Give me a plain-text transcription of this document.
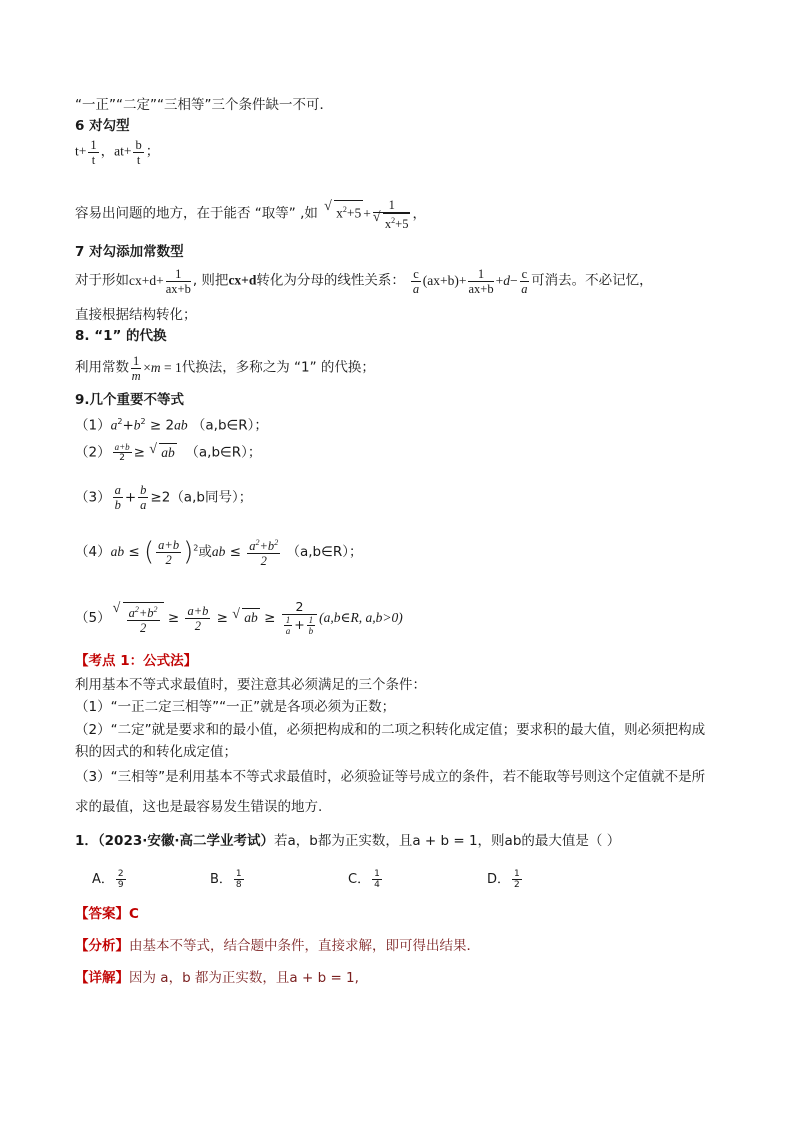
“一正”“二定”“三相等”三个条件缺一不可．
6 对勾型
$t+ \frac{1}{t}$ ，$at+ \frac{b}{t}$ ；
容易出问题的地方，在于能否 “取等” ,如 √ $x^2+5 + 1$
√ $x^2+5$ ，
7 对勾添加常数型
对于形如$cx+d+ \frac{1}{ax+b}$ , 则把cx+d转化为分母的线性关系： $\frac{c}{a} (ax+b)+ \frac{1}{ax+b} +d- \frac{c}{a}$ 可消去。不必记忆，
直接根据结构转化；
8. “1” 的代换
利用常数 $\frac{1}{m} \times m = 1$代换法，多称之为 “1” 的代换；
9.几个重要不等式
$(1)a^2+b^2 \ge 2ab$ （a,b∈R）；
$(2) \frac{a+b}{2}$ ≥ √ ab （a,b∈R）；
$(3) \frac{a}{b} + \frac{b}{a} \ge 2(a,b$同号）；
（4）ab ≤ ( $\frac{a+b}{2} )^2$或ab ≤ $\frac{a^2+b^2}{2}$ （a,b∈R）；
（5） √ $\frac{a^2+b^2}{2} \ge \frac{a+b}{2}$ ≥ √ ab ≥ $\frac{2}{\frac{1}{a} + \frac{1}{b}}$ (a,b∈R, a,b>0)
【考点 1：公式法】
利用基本不等式求最值时，要注意其必须满足的三个条件：
（1）“一正二定三相等”“一正”就是各项必须为正数；
（2）“二定”就是要求和的最小值，必须把构成和的二项之积转化成定值；要求积的最大值，则必须把构成
积的因式的和转化成定值；
（3）“三相等”是利用基本不等式求最值时，必须验证等号成立的条件，若不能取等号则这个定值就不是所
求的最值，这也是最容易发生错误的地方.
1．（2023·安徽·高二学业考试）若a，b都为正实数，且a + b = 1，则ab的最大值是（ ）
A． $\frac{2}{9}$	B． $\frac{1}{8}$	C． $\frac{1}{4}$	D． $\frac{1}{2}$
【答案】C
【分析】由基本不等式，结合题中条件，直接求解，即可得出结果．
【详解】因为 a，b 都为正实数，且a + b = 1,
